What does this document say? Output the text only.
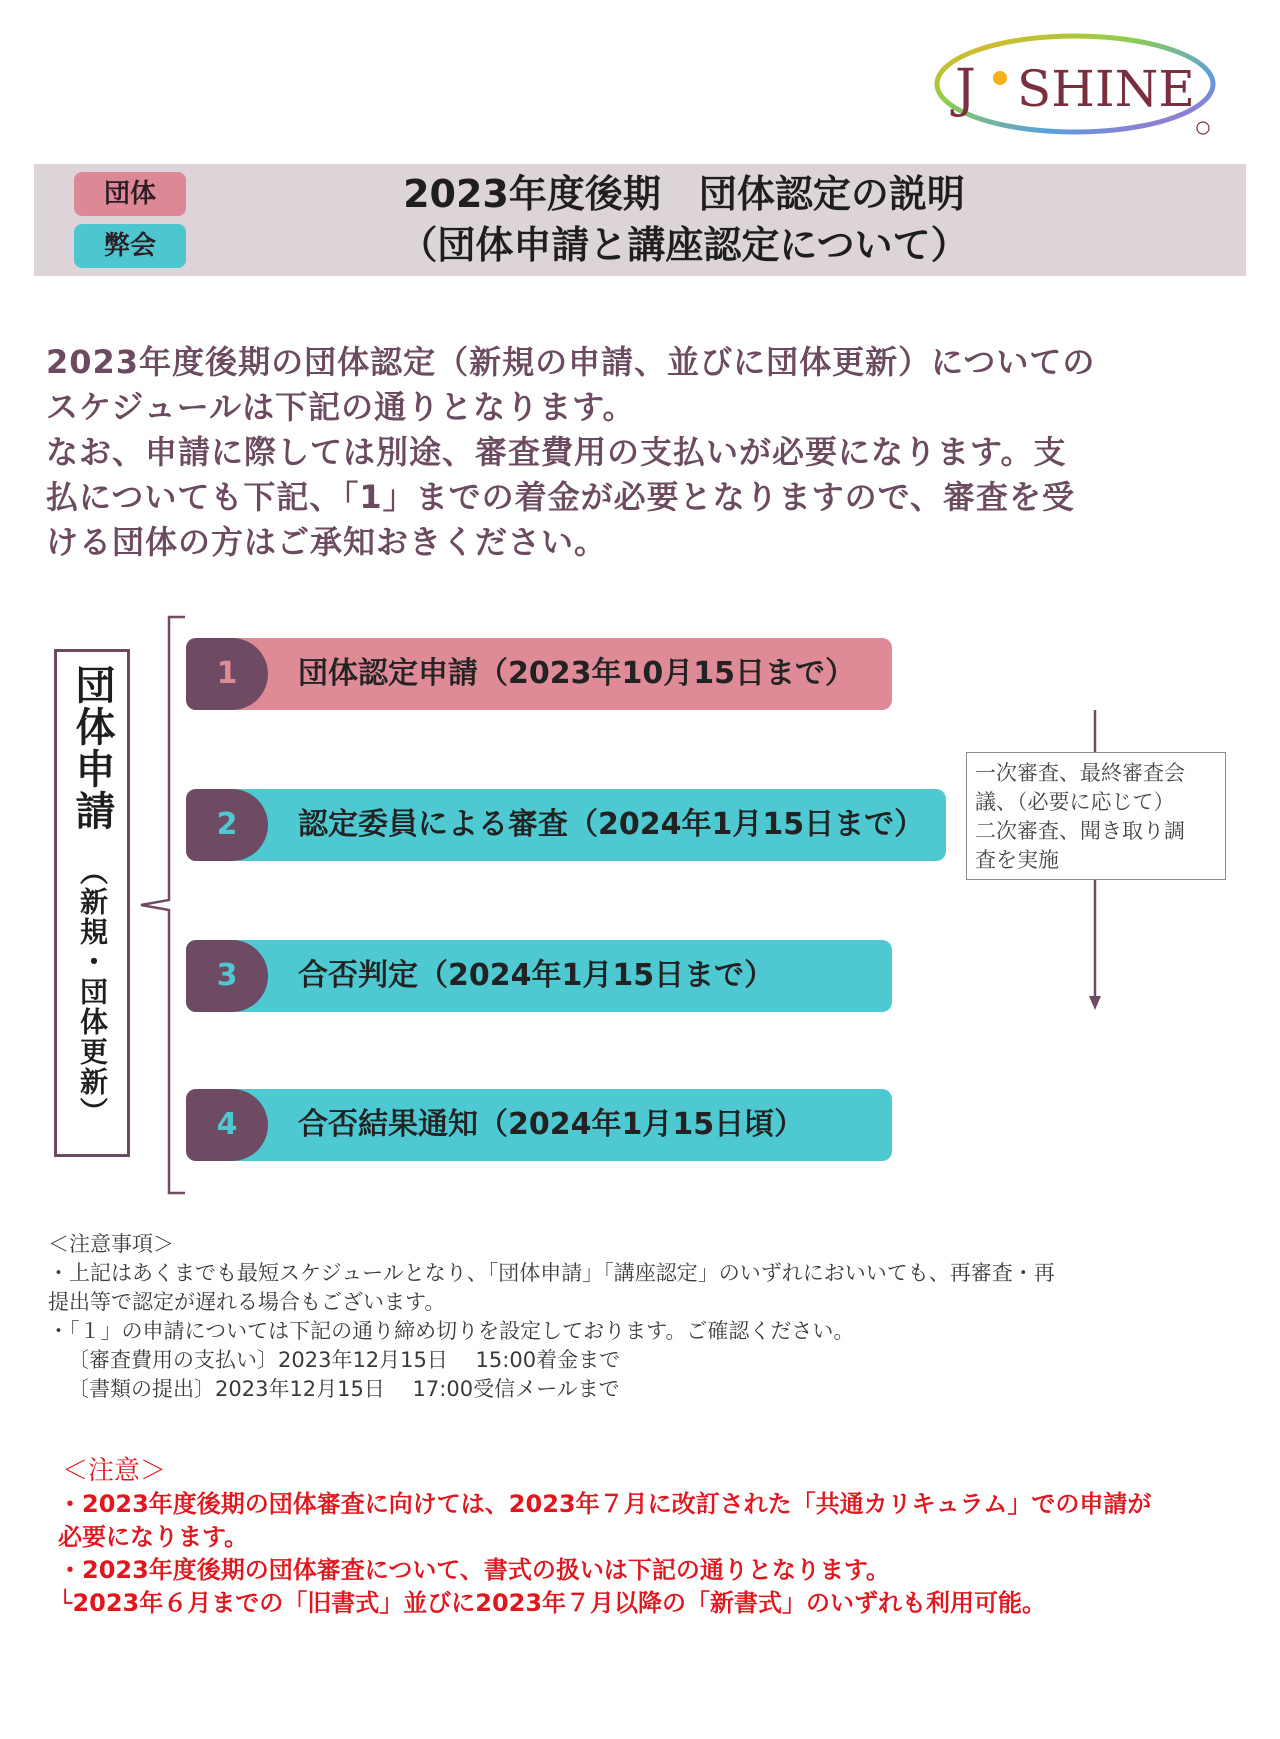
J SHINE
団体
弊会
2023年度後期　団体認定の説明
（団体申請と講座認定について）
2023年度後期の団体認定（新規の申請、並びに団体更新）についての
スケジュールは下記の通りとなります。
なお、申請に際しては別途、審査費用の支払いが必要になります。支
払についても下記、「1」までの着金が必要となりますので、審査を受
ける団体の方はご承知おきください。
団体申請
（新規・団体更新）
1	団体認定申請（2023年10月15日まで）
2	認定委員による審査（2024年1月15日まで）
3	合否判定（2024年1月15日まで）
4	合否結果通知（2024年1月15日頃）
一次審査、最終審査会
議、（必要に応じて）
二次審査、聞き取り調
査を実施
＜注意事項＞
・上記はあくまでも最短スケジュールとなり、「団体申請」「講座認定」のいずれにおいいても、再審査・再
提出等で認定が遅れる場合もございます。
・「１」の申請については下記の通り締め切りを設定しております。ご確認ください。
〔審査費用の支払い〕2023年12月15日　 15:00着金まで
〔書類の提出〕2023年12月15日　 17:00受信メールまで
＜注意＞
・2023年度後期の団体審査に向けては、2023年７月に改訂された「共通カリキュラム」での申請が
必要になります。
・2023年度後期の団体審査について、書式の扱いは下記の通りとなります。
└2023年６月までの「旧書式」並びに2023年７月以降の「新書式」のいずれも利用可能。
